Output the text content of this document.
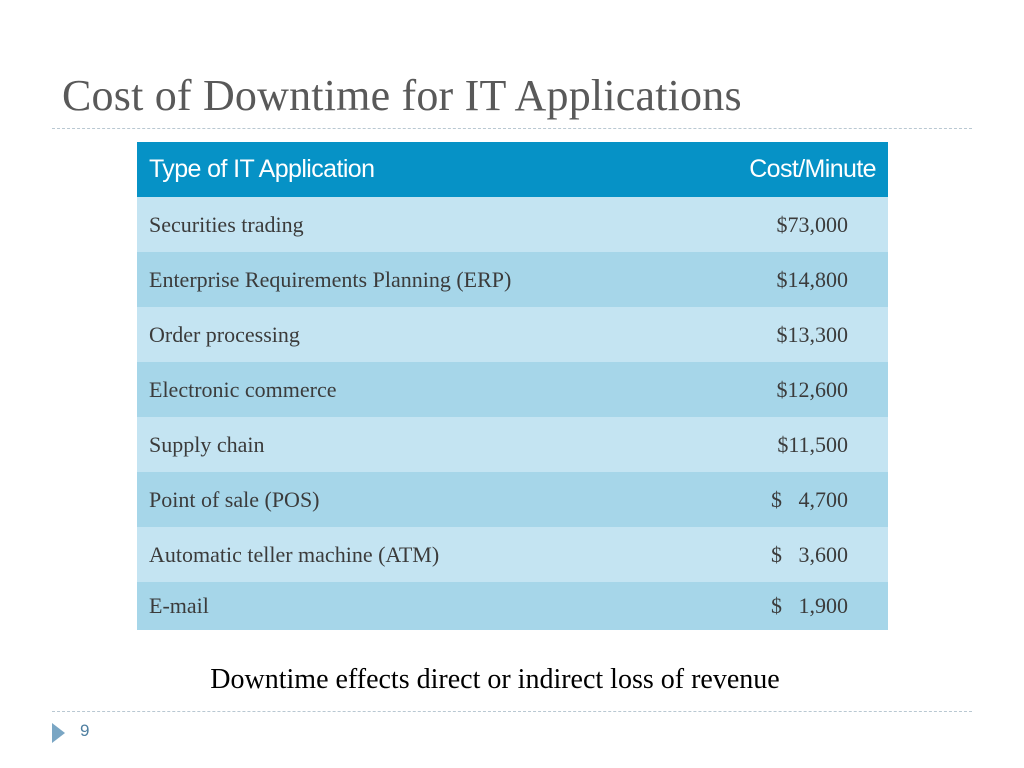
Cost of Downtime for IT Applications
Type of IT Application	Cost/Minute
Securities trading	$73,000
Enterprise Requirements Planning (ERP)	$14,800
Order processing	$13,300
Electronic commerce	$12,600
Supply chain	$11,500
Point of sale (POS)	$   4,700
Automatic teller machine (ATM)	$   3,600
E-mail	$   1,900

Downtime effects direct or indirect loss of revenue

9
